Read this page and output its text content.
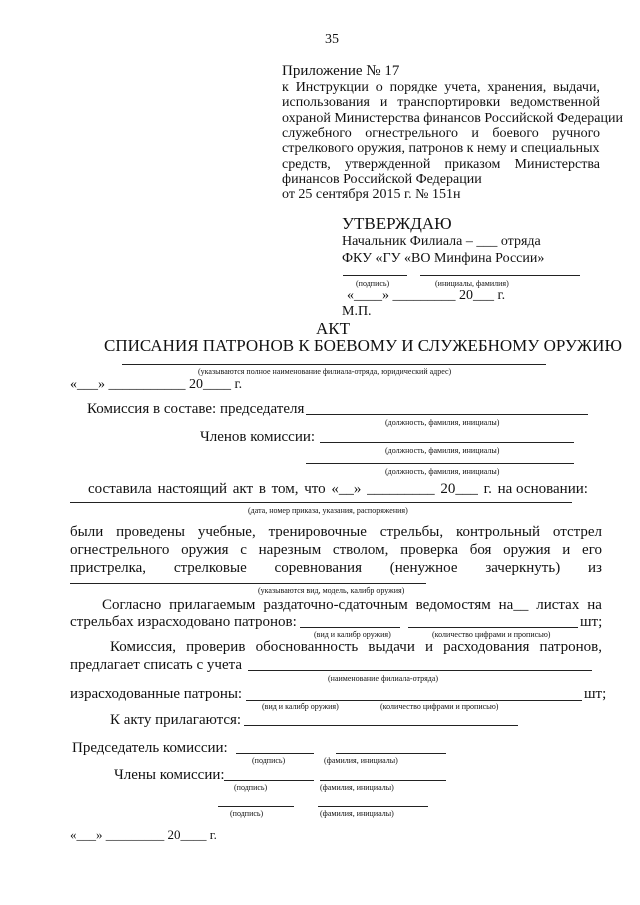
35
Приложение № 17
к Инструкции о порядке учета, хранения, выдачи,
использования и транспортировки ведомственной
охраной Министерства финансов Российской Федерации
служебного огнестрельного и боевого ручного
стрелкового оружия, патронов к нему и специальных
средств, утвержденной приказом Министерства
финансов Российской Федерации
от 25 сентября 2015 г. № 151н
УТВЕРЖДАЮ
Начальник Филиала – ___ отряда
ФКУ «ГУ «ВО Минфина России»
(подпись)	(инициалы, фамилия)
«____» _________ 20___ г.
М.П.
АКТ
СПИСАНИЯ ПАТРОНОВ К БОЕВОМУ И СЛУЖЕБНОМУ ОРУЖИЮ
(указываются полное наименование филиала-отряда, юридический адрес)
«___» ___________ 20____ г.
Комиссия в составе: председателя
(должность, фамилия, инициалы)
Членов комиссии:
(должность, фамилия, инициалы)
(должность, фамилия, инициалы)
составила настоящий акт в том, что «__» _________ 20___ г. на основании:
(дата, номер приказа, указания, распоряжения)
были проведены учебные, тренировочные стрельбы, контрольный отстрел
огнестрельного оружия с нарезным стволом, проверка боя оружия и его
пристрелка, стрелковые соревнования (ненужное зачеркнуть) из
(указываются вид, модель, калибр оружия)
Согласно прилагаемым раздаточно-сдаточным ведомостям на__ листах на
стрельбах израсходовано патронов:	шт;
(вид и калибр оружия)	(количество цифрами и прописью)
Комиссия, проверив обоснованность выдачи и расходования патронов,
предлагает списать с учета
(наименование филиала-отряда)
израсходованные патроны:	шт;
(вид и калибр оружия)	(количество цифрами и прописью)
К акту прилагаются:
Председатель комиссии:
(подпись)	(фамилия, инициалы)
Члены комиссии:
(подпись)	(фамилия, инициалы)
(подпись)	(фамилия, инициалы)
«___» _________ 20____ г.
